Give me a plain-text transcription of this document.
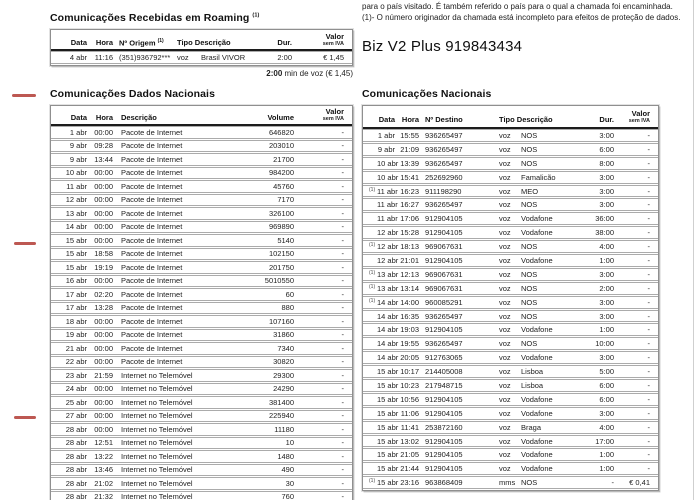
para o país visitado. É também referido o país para o qual a chamada foi encaminhada.
(1)- O número originador da chamada está incompleto para efeitos de proteção de dados.
Biz V2 Plus 919843434
Comunicações Recebidas em Roaming $^{(1)}$
Data	Hora Nº Origem $^{(1)}$	Tipo Descrição	Dur.
Valor
sem IVA
4 abr	11:16 (351)936792*** voz	Brasil VIVOR	2:00	€ 1,45
2:00 min de voz (€ 1,45)
Comunicações Dados Nacionais
Data	Hora Descrição	Volume
Valor
sem IVA
1 abr 00:00 Pacote de Internet	646820	-
9 abr 09:28 Pacote de Internet	203010	-
9 abr 13:44 Pacote de Internet	21700	-
10 abr 00:00 Pacote de Internet	984200	-
11 abr 00:00 Pacote de Internet	45760	-
12 abr 00:00 Pacote de Internet	7170	-
13 abr 00:00 Pacote de Internet	326100	-
14 abr 00:00 Pacote de Internet	969890	-
15 abr 00:00 Pacote de Internet	5140	-
15 abr 18:58 Pacote de Internet	102150	-
15 abr 19:19 Pacote de Internet	201750	-
16 abr 00:00 Pacote de Internet	5010550	-
17 abr 02:20 Pacote de Internet	60	-
17 abr 13:28 Pacote de Internet	880	-
18 abr 00:00 Pacote de Internet	107160	-
19 abr 00:00 Pacote de Internet	31860	-
21 abr 00:00 Pacote de Internet	7340	-
22 abr 00:00 Pacote de Internet	30820	-
23 abr 21:59 Internet no Telemóvel	29300	-
24 abr 00:00 Internet no Telemóvel	24290	-
25 abr 00:00 Internet no Telemóvel	381400	-
27 abr 00:00 Internet no Telemóvel	225940	-
28 abr 00:00 Internet no Telemóvel	11180	-
28 abr 12:51 Internet no Telemóvel	10	-
28 abr 13:22 Internet no Telemóvel	1480	-
28 abr 13:46 Internet no Telemóvel	490	-
28 abr 21:02 Internet no Telemóvel	30	-
28 abr 21:32 Internet no Telemóvel	760	-
Comunicações Nacionais
Data Hora Nº Destino	Tipo Descrição	Dur.
Valor
sem IVA
1 abr 15:55 936265497	voz	NOS	3:00	-
9 abr 21:09 936265497	voz	NOS	6:00	-
10 abr 13:39 936265497	voz	NOS	8:00	-
10 abr 15:41 252692960	voz	Famalicão	3:00	-
(1) 11 abr 16:23 911198290	voz	MEO	3:00	-
11 abr 16:27 936265497	voz	NOS	3:00	-
11 abr 17:06 912904105	voz	Vodafone	36:00	-
12 abr 15:28 912904105	voz	Vodafone	38:00	-
(1) 12 abr 18:13 969067631	voz	NOS	4:00	-
12 abr 21:01 912904105	voz	Vodafone	1:00	-
(1) 13 abr 12:13 969067631	voz	NOS	3:00	-
(1) 13 abr 13:14 969067631	voz	NOS	2:00	-
(1) 14 abr 14:00 960085291	voz	NOS	3:00	-
14 abr 16:35 936265497	voz	NOS	3:00	-
14 abr 19:03 912904105	voz	Vodafone	1:00	-
14 abr 19:55 936265497	voz	NOS	10:00	-
14 abr 20:05 912763065	voz	Vodafone	3:00	-
15 abr 10:17 214405008	voz	Lisboa	5:00	-
15 abr 10:23 217948715	voz	Lisboa	6:00	-
15 abr 10:56 912904105	voz	Vodafone	6:00	-
15 abr 11:06 912904105	voz	Vodafone	3:00	-
15 abr 11:41 253872160	voz	Braga	4:00	-
15 abr 13:02 912904105	voz	Vodafone	17:00	-
15 abr 21:05 912904105	voz	Vodafone	1:00	-
15 abr 21:44 912904105	voz	Vodafone	1:00	-
(1) 15 abr 23:16 963868409	mms NOS	-	€ 0,41
